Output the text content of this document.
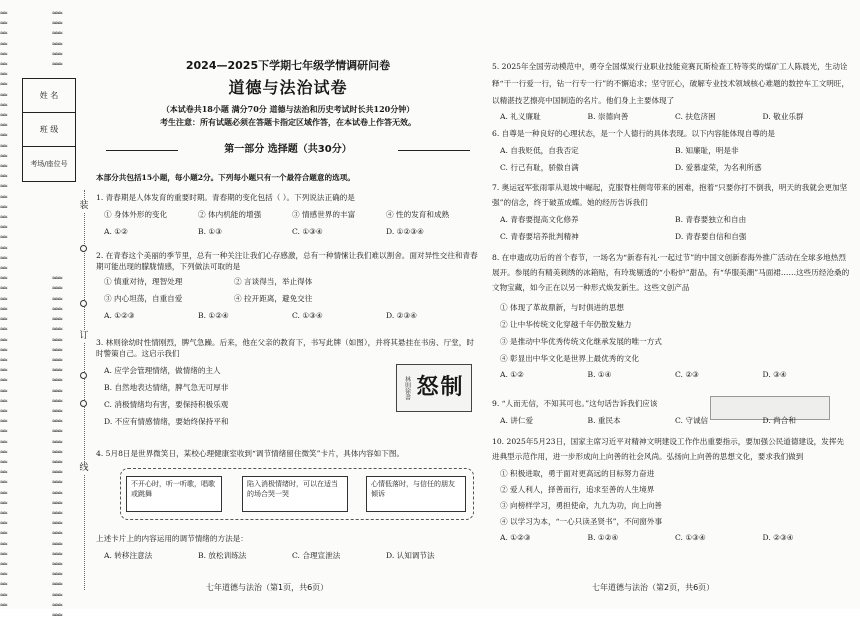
≈≈
≈≈
≈≈
≈≈
≈≈
≈≈
≈≈
≈≈
≈≈
≈≈
≈≈
≈≈
≈≈
≈≈
≈≈
≈≈
≈≈
≈≈
≈≈
≈≈
≈≈
≈≈
≈≈
≈≈
≈≈
≈≈
≈≈
≈≈
≈≈
≈≈
≈≈
≈≈
≈≈
≈≈
≈≈
≈≈
≈≈
≈≈
≈≈
≈≈
≈≈
≈≈
≈≈
≈≈
≈≈
≈≈
≈≈
≈≈
≈≈
≈≈
≈≈
≈≈
≈≈
≈≈
≈≈
≈≈
≈≈
≈≈
≈≈
≈≈≈
≈≈≈
≈≈≈
≈≈≈
≈≈≈
≈≈≈

≈≈≈
≈≈≈
≈≈≈
≈≈≈
≈≈≈
≈≈≈
≈≈≈
≈≈≈
≈≈≈
≈≈≈
≈≈≈
≈≈≈
≈≈≈
≈≈≈
≈≈≈
≈≈≈
≈≈≈
≈≈≈
≈≈≈
≈≈≈
≈≈≈
≈≈≈
≈≈≈
≈≈≈
≈≈≈
≈≈≈
≈≈≈
≈≈≈
≈≈≈
≈≈≈
≈≈≈
≈≈≈
≈≈≈
≈≈≈
姓 名
班 级
考场/座位号
装
订
线
2024—2025下学期七年级学情调研问卷
道德与法治试卷
（本试卷共18小题 满分70分 道德与法治和历史考试时长共120分钟）
考生注意：所有试题必须在答题卡指定区域作答，在本试卷上作答无效。
第一部分 选择题（共30分）
本部分共包括15小题，每小题2分。下列每小题只有一个最符合题意的选项。
1. 青春期是人体发育的重要时期。青春期的变化包括（ ）。下列说法正确的是
① 身体外形的变化	② 体内机能的增强	③ 情感世界的丰富	④ 性的发育和成熟
A. ①②	B. ①③	C. ①③④	D. ①②③④
2. 在青春这个美丽的季节里，总有一种关注让我们心存感激，总有一种情愫让我们难以割舍。面对异性交往和青春期可能出现的朦胧情感，下列做法可取的是
① 慎重对待，理智处理	② 言谈得当，举止得体
③ 内心坦荡，自重自爱	④ 拉开距离，避免交往
A. ①②③	B. ①②④	C. ①③④	D. ②③④
3. 林则徐幼时性情刚烈，脾气急躁。后来，他在父亲的教育下，书写此牌（如图），并将其悬挂在书房、厅堂，时时警策自己。这启示我们
A. 应学会管理情绪，做情绪的主人
B. 自然地表达情绪，脾气急无可厚非
C. 消极情绪均有害，要保持积极乐观
D. 不应有情感情绪，要始终保持平和
林則徐書 怒制
4. 5月8日是世界微笑日，某校心理健康室收到“调节情绪留住微笑”卡片，具体内容如下图。
不开心时，听一听歌，唱歌或跳舞
陷入消极情绪时，可以在适当的场合哭一哭
心情低落时，与信任的朋友倾诉
上述卡片上的内容运用的调节情绪的方法是：
A. 转移注意法	B. 放松训练法	C. 合理宣泄法	D. 认知调节法
七年道德与法治（第1页，共6页）
5. 2025年全国劳动模范中，勇夺全国煤炭行业职业技能竞赛瓦斯检查工特等奖的煤矿工人陈晨光，生动诠释“干一行爱一行，钻一行专一行”的不懈追求；坚守匠心，破解专业技术领域核心难题的数控车工文明旺，以精湛技艺擦亮中国制造的名片。他们身上主要体现了
A. 礼义廉耻	B. 崇德向善	C. 扶危济困	D. 敬业乐群
6. 自尊是一种良好的心理状态，是一个人德行的具体表现。以下内容能体现自尊的是
A. 自我贬低，自我否定	B. 知廉耻，明是非
C. 行己有耻，骄傲自满	D. 爱慕虚荣，为名利所惑
7. 奥运冠军张雨霏从退坡中崛起，克服脊柱侧弯带来的困难，抱着“只要你打不倒我，明天的我就会更加坚强”的信念，终于破茧成蝶。她的经历告诉我们
A. 青春要提高文化修养	B. 青春要独立和自由
C. 青春要培养批判精神	D. 青春要自信和自强
8. 在申遗成功后的首个春节，一场名为“新春有礼·一起过节”的中国文创新春海外推广活动在全球多地热烈展开。参展的有精美刺绣的冰箱贴，有玲珑剔透的“小粉炉”甜品，有“华服美潮”马面裙……这些历经沧桑的文物宝藏，如今正在以另一种形式焕发新生。这些文创产品
① 体现了革故鼎新，与时俱进的思想
② 让中华传统文化穿越千年仍散发魅力
③ 是推动中华优秀传统文化继承发展的唯一方式
④ 彰显出中华文化是世界上最优秀的文化
A. ①②	B. ①④	C. ②③	D. ③④
9. “人而无信，不知其可也。”这句话告诉我们应该
A. 讲仁爱	B. 重民本	C. 守诚信	D. 尚合和
10. 2025年5月23日，国家主席习近平对精神文明建设工作作出重要指示，要加强公民道德建设，发挥先进典型示范作用，进一步形成向上向善的社会风尚。弘扬向上向善的思想文化，要求我们做到
① 积极进取，勇于面对更高远的目标努力奋进
② 爱人利人，择善而行，追求至善的人生境界
③ 向榜样学习，勇担使命，九九为功，向上向善
④ 以学习为本，“一心只读圣贤书”，不问窗外事
A. ①②③	B. ①②④	C. ①③④	D. ②③④
七年道德与法治（第2页，共6页）
